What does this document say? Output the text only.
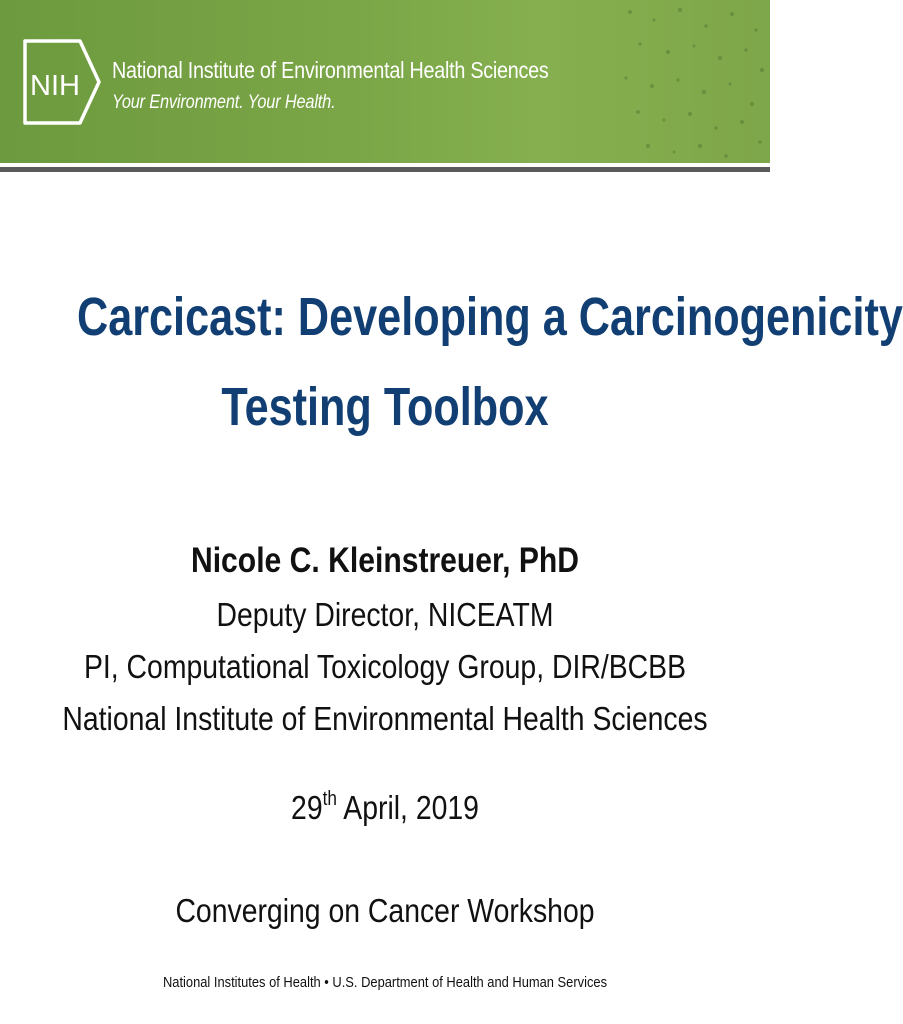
NIH National Institute of Environmental Health Sciences
Your Environment. Your Health.
Carcicast: Developing a Carcinogenicity
Testing Toolbox
Nicole C. Kleinstreuer, PhD
Deputy Director, NICEATM
PI, Computational Toxicology Group, DIR/BCBB
National Institute of Environmental Health Sciences
29th April, 2019
Converging on Cancer Workshop
National Institutes of Health • U.S. Department of Health and Human Services
